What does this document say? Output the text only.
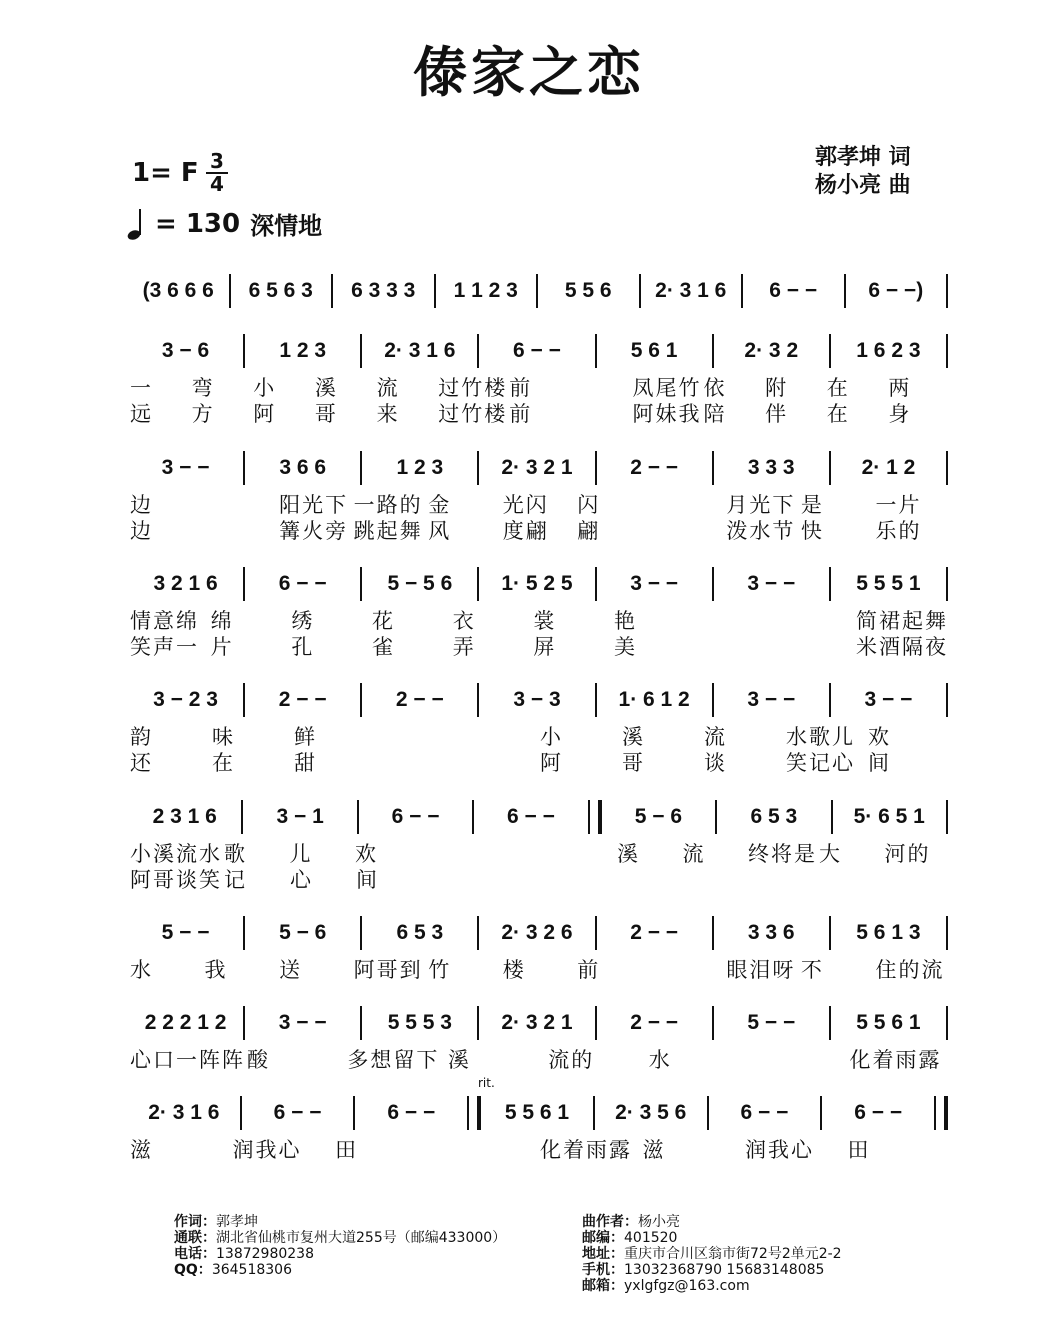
傣家之恋
1= F 3
4
= 130 深情地
郭孝坤 词
杨小亮 曲
rit.
(3 6 6 6	6 5 6 3	6 3 3 3	1 1 2 3	5 5 6	2· 3 1 6	6 − −	6 − −)
3 − 6	1 2 3	2· 3 1 6	6 − −	5 6 1	2· 3 2	1 6 2 3
一	弯	小	溪	流	过竹楼 前	凤尾竹 依	附	在	两
远	方	阿	哥	来	过竹楼 前	阿妹我 陪	伴	在	身
3 − −	3 6 6	1 2 3	2· 3 2 1	2 − −	3 3 3	2· 1 2
边	阳光下 一路的 金	光闪	闪	月光下 是	一片
边	篝火旁 跳起舞 风	度翩	翩	泼水节 快	乐的
3 2 1 6	6 − −	5 − 5 6	1· 5 2 5	3 − −	3 − −	5 5 5 1
情意绵 绵	绣	花	衣	裳	艳	简裙起舞
笑声一 片	孔	雀	弄	屏	美	米酒隔夜
3 − 2 3	2 − −	2 − −	3 − 3	1· 6 1 2	3 − −	3 − −
韵	味	鲜	小	溪	流	水歌儿 欢
还	在	甜	阿	哥	谈	笑记心 间
2 3 1 6	3 − 1	6 − −	6 − −	5 − 6	6 5 3	5· 6 5 1
小溪流水 歌	儿	欢	溪	流	终将是 大	河的
阿哥谈笑 记	心	间
5 − −	5 − 6	6 5 3	2· 3 2 6	2 − −	3 3 6	5 6 1 3
水	我	送	阿哥到 竹	楼	前	眼泪呀 不	住的流
2 2 2 1 2	3 − −	5 5 5 3	2· 3 2 1	2 − −	5 − −	5 5 6 1
心口一阵阵 酸	多想留下 溪	流的	水	化着雨露
2· 3 1 6	6 − −	6 − −	5 5 6 1	2· 3 5 6	6 − −	6 − −
滋	润我心	田	化着雨露 滋	润我心	田
作词：郭孝坤
通联：湖北省仙桃市复州大道255号（邮编433000）
电话：13872980238
QQ：364518306
曲作者：杨小亮
邮编：401520
地址：重庆市合川区翁市街72号2单元2-2
手机：13032368790 15683148085
邮箱：yxlgfgz@163.com
